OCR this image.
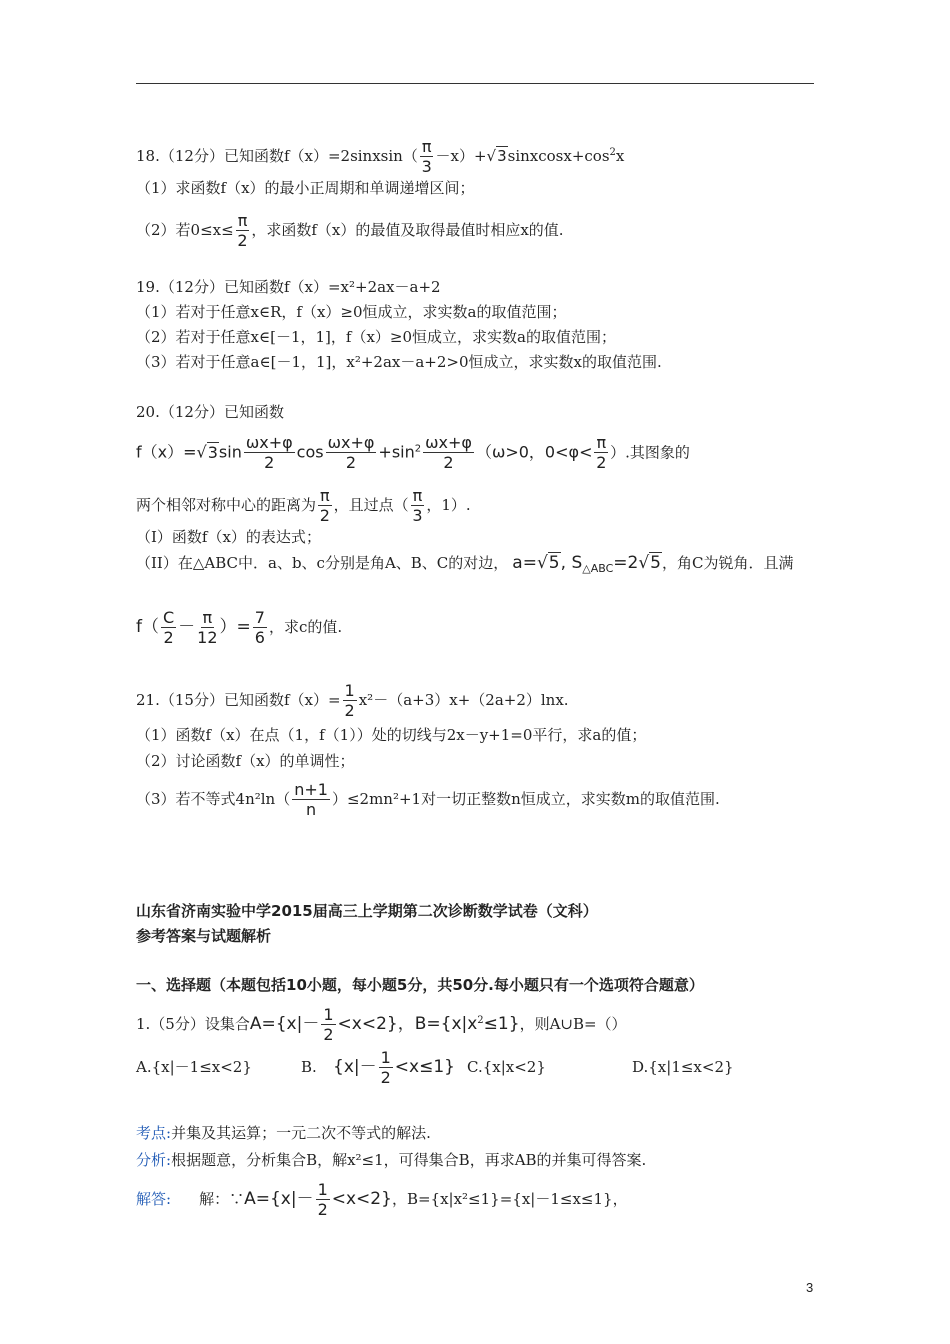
18.（12分）已知函数f（x）=2sinxsin（ $\frac{\pi}{3}$ $-x)+√3sinxcosx+\cos^2x$
（1）求函数f（x）的最小正周期和单调递增区间；
（2）若$0\le x\le \frac{\pi}{2}$ ，求函数f（x）的最值及取得最值时相应x的值.
19.（12分）已知函数f（x）=x²+2ax－a+2
（1）若对于任意x∈R，f（x）≥0恒成立，求实数a的取值范围；
（2）若对于任意x∈[－1，1]，f（x）≥0恒成立，求实数a的取值范围；
（3）若对于任意a∈[－1，1]，x²+2ax－a+2>0恒成立，求实数x的取值范围.
20.（12分）已知函数
$f(x)=√3\sin \frac{\omega x+\varphi}{2}$ $\cos \frac{\omega x+\varphi}{2} +\sin^2 \frac{\omega x+\varphi}{2} (\omega>0$，$0<\varphi< \frac{\pi}{2}$ ）.其图象的
两个相邻对称中心的距离为 $\frac{\pi}{2}$ ，且过点（ $\frac{\pi}{3}$ ，1）.
（I）函数f（x）的表达式；
（II）在△ABC中．a、b、c分别是角A、B、C的对边， a=√5, $S_{\triangle ABC}=2√5$，角C为锐角．且满
$f( \frac{C}{2} - \frac{\pi}{12}$ ）= $\frac{7}{6}$ ，求c的值.
21.（15分）已知函数$f(x)= \frac{1}{2} x^2-(a+3)x+(2a+2)\ln x$.
（1）函数f（x）在点（1，f（1））处的切线与2x－y+1=0平行，求a的值；
（2）讨论函数f（x）的单调性；
（3）若不等式$4n^2\ln( \frac{n+1}{n} )\le 2mn^2+1$对一切正整数n恒成立，求实数m的取值范围.
山东省济南实验中学2015届高三上学期第二次诊断数学试卷（文科）
参考答案与试题解析
一、选择题（本题包括10小题，每小题5分，共50分.每小题只有一个选项符合题意）
1.（5分）设集合$A=\{x|- \frac{1}{2} <x<2\}$，$B=\{x|x^2\le 1\}$，则A∪B=（）
A.{x|－1≤x<2}	B. $\{x|- \frac{1}{2} <x\le 1\}$ C.{x|x<2}	D.{x|1≤x<2}
考点:并集及其运算；一元二次不等式的解法.
分析:根据题意，分析集合B，解x²≤1，可得集合B，再求AB的并集可得答案.
解答: 解：∵A={x|－ $\frac{1}{2} <x<2$}，B={x|x²≤1}={x|－1≤x≤1}，
3
